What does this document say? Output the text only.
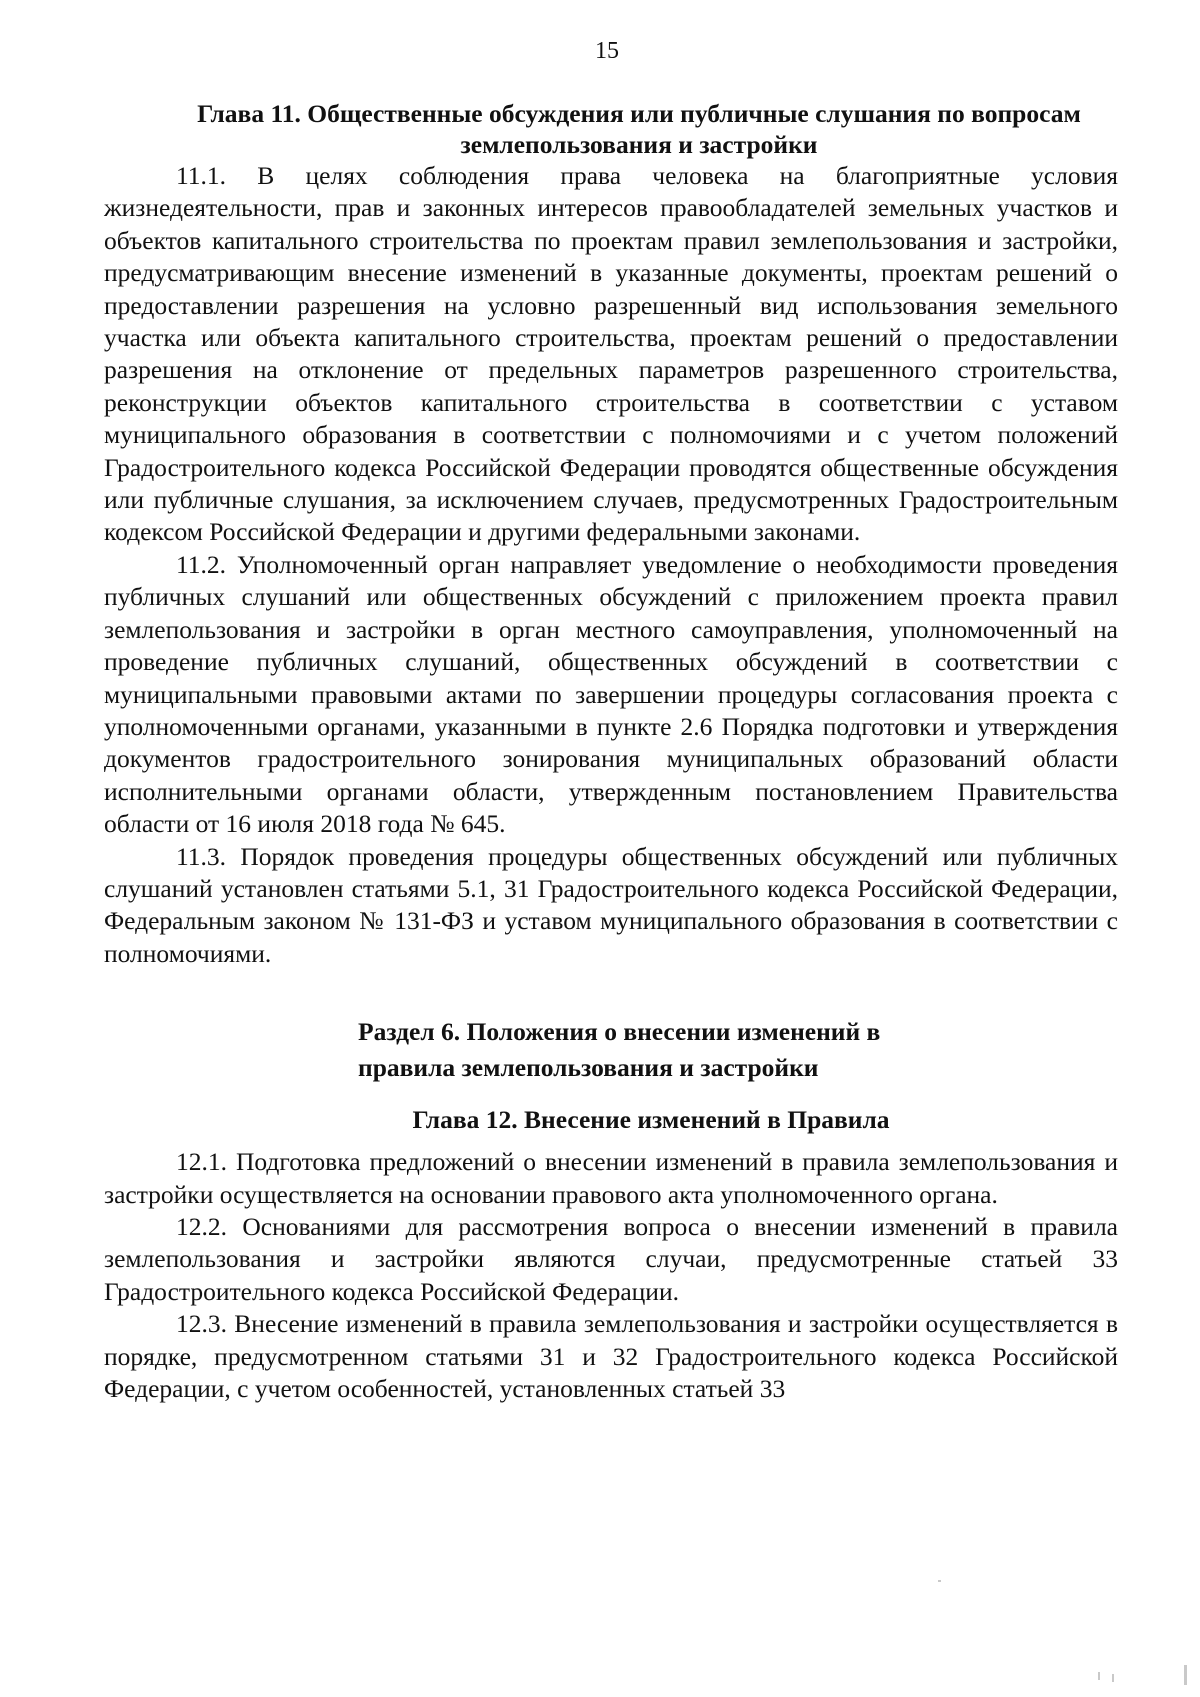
15
Глава 11. Общественные обсуждения или публичные слушания по вопросам землепользования и застройки

11.1. В целях соблюдения права человека на благоприятные условия жизнедеятельности, прав и законных интересов правообладателей земельных участков и объектов капитального строительства по проектам правил землепользования и застройки, предусматривающим внесение изменений в указанные документы, проектам решений о предоставлении разрешения на условно разрешенный вид использования земельного участка или объекта капитального строительства, проектам решений о предоставлении разрешения на отклонение от предельных параметров разрешенного строительства, реконструкции объектов капитального строительства в соответствии с уставом муниципального образования в соответствии с полномочиями и с учетом положений Градостроительного кодекса Российской Федерации проводятся общественные обсуждения или публичные слушания, за исключением случаев, предусмотренных Градостроительным кодексом Российской Федерации и другими федеральными законами.

11.2. Уполномоченный орган направляет уведомление о необходимости проведения публичных слушаний или общественных обсуждений с приложением проекта правил землепользования и застройки в орган местного самоуправления, уполномоченный на проведение публичных слушаний, общественных обсуждений в соответствии с муниципальными правовыми актами по завершении процедуры согласования проекта с уполномоченными органами, указанными в пункте 2.6 Порядка подготовки и утверждения документов градостроительного зонирования муниципальных образований области исполнительными органами области, утвержденным постановлением Правительства области от 16 июля 2018 года № 645.

11.3. Порядок проведения процедуры общественных обсуждений или публичных слушаний установлен статьями 5.1, 31 Градостроительного кодекса Российской Федерации, Федеральным законом № 131-ФЗ и уставом муниципального образования в соответствии с полномочиями.

Раздел 6. Положения о внесении изменений в
правила землепользования и застройки
Глава 12. Внесение изменений в Правила

12.1. Подготовка предложений о внесении изменений в правила землепользования и застройки осуществляется на основании правового акта уполномоченного органа.

12.2. Основаниями для рассмотрения вопроса о внесении изменений в правила землепользования и застройки являются случаи, предусмотренные статьей 33 Градостроительного кодекса Российской Федерации.

12.3. Внесение изменений в правила землепользования и застройки осуществляется в порядке, предусмотренном статьями 31 и 32 Градостроительного кодекса Российской Федерации, с учетом особенностей, установленных статьей 33
